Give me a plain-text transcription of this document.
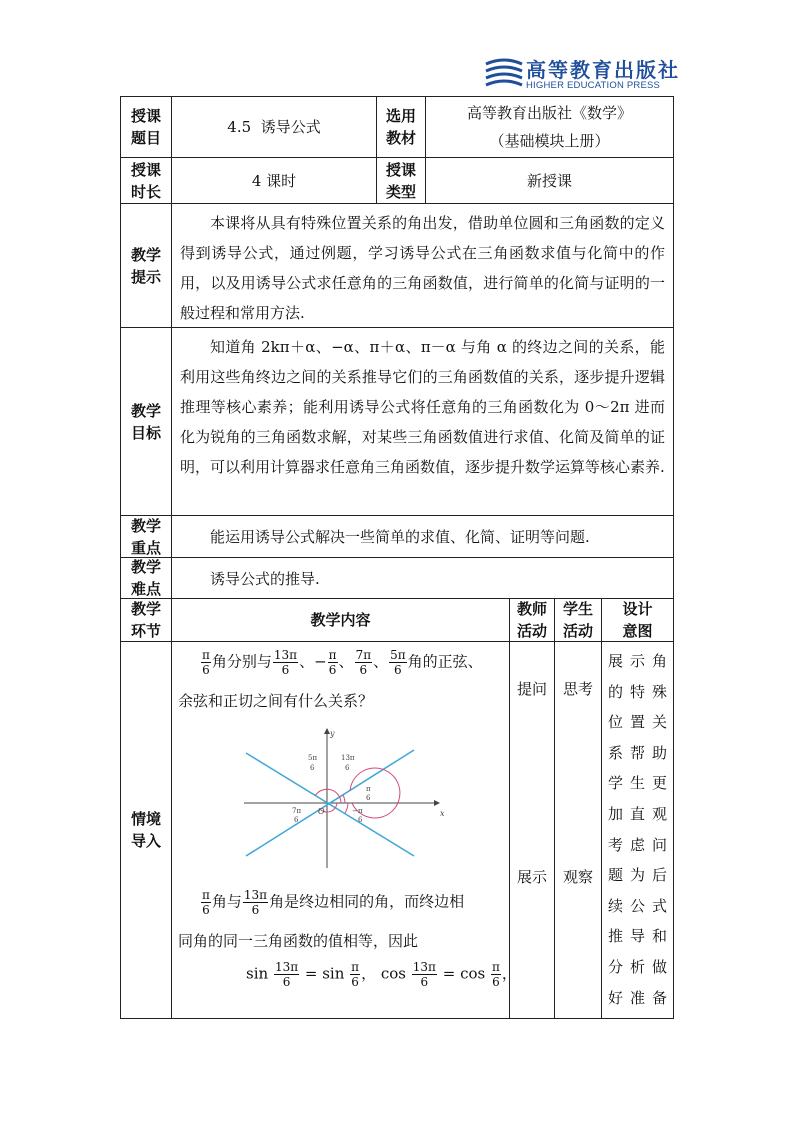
高等教育出版社
HIGHER EDUCATION PRESS
授课题目
4.5  诱导公式
选用教材
高等教育出版社《数学》
（基础模块上册）
授课时长
4 课时
授课类型
新授课
教学提示
本课将从具有特殊位置关系的角出发，借助单位圆和三角函数的定义得到诱导公式，通过例题，学习诱导公式在三角函数求值与化简中的作用，以及用诱导公式求任意角的三角函数值，进行简单的化简与证明的一般过程和常用方法.
教学目标
知道角 2kπ＋α、−α、π＋α、π－α 与角 α 的终边之间的关系，能利用这些角终边之间的关系推导它们的三角函数值的关系，逐步提升逻辑推理等核心素养；能利用诱导公式将任意角的三角函数化为 0～2π 进而化为锐角的三角函数求解，对某些三角函数值进行求值、化简及简单的证明，可以利用计算器求任意角三角函数值，逐步提升数学运算等核心素养.
教学重点
能运用诱导公式解决一些简单的求值、化简、证明等问题.
教学难点
诱导公式的推导.
教学环节
教学内容
教师活动
学生活动
设计意图
情境导入
$\frac{\pi}{6}$ 角分别与 $\frac{13\pi}{6}$ 、− $\frac{\pi}{6}$ 、 $\frac{7\pi}{6}$ 、 $\frac{5\pi}{6}$ 角的正弦、
余弦和正切之间有什么关系？
x
y
O
5π
6
13π
6
π
6
7π
6
− π
6
$\frac{\pi}{6}$ 角与 $\frac{13\pi}{6}$ 角是终边相同的角，而终边相
同角的同一三角函数的值相等，因此
$\sin \frac{13\pi}{6} = \sin \frac{\pi}{6}$ ， $\cos \frac{13\pi}{6} = \cos \frac{\pi}{6}$ ，
提问
展示
思考
观察
展示角的特殊位置关系帮助学生更加直观考虑问题为后续公式推导和分析做好准备
